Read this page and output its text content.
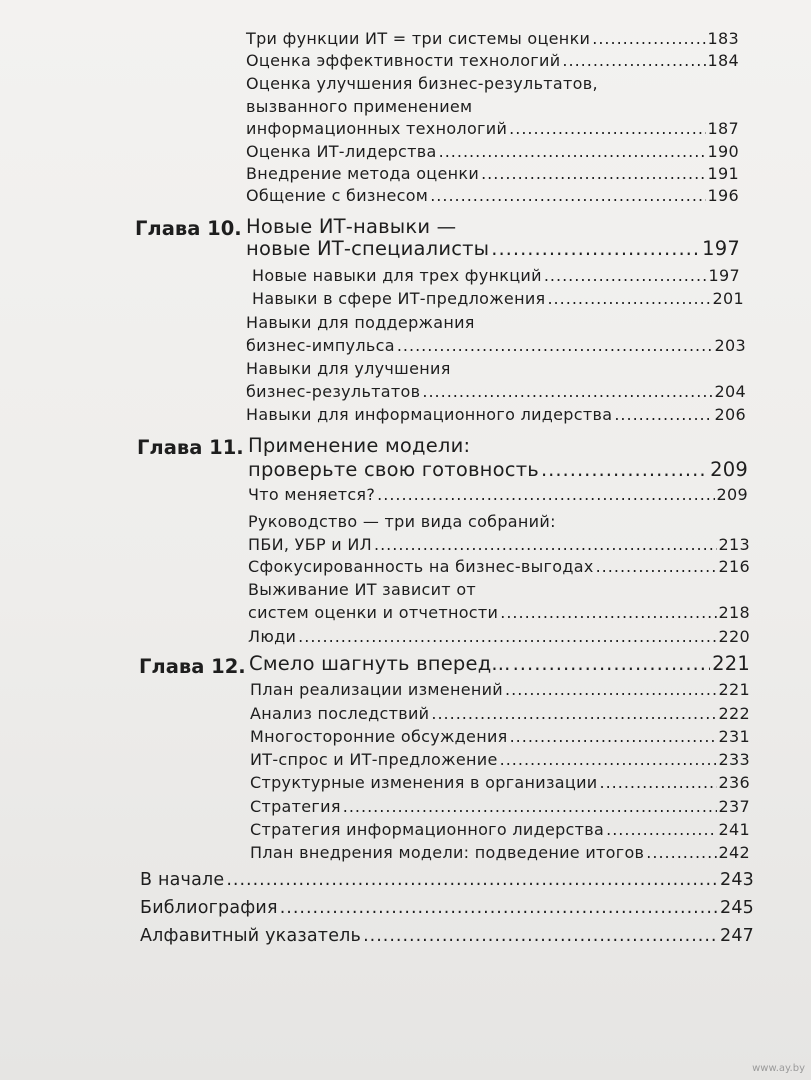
Три функции ИТ = три системы оценки .....	183
Оценка эффективности технологий .....	184
Оценка улучшения бизнес-результатов,
вызванного применением
информационных технологий .....	187
Оценка ИТ-лидерства .....	190
Внедрение метода оценки .....	191
Общение с бизнесом .....	196
Глава 10. Новые ИТ-навыки —
новые ИТ-специалисты .....	197
Новые навыки для трех функций .....	197
Навыки в сфере ИТ-предложения .....	201
Навыки для поддержания
бизнес-импульса .....	203
Навыки для улучшения
бизнес-результатов .....	204
Навыки для информационного лидерства .....	206
Глава 11. Применение модели:
проверьте свою готовность .....	209
Что меняется? .....	209
Руководство — три вида собраний:
ПБИ, УБР и ИЛ .....	213
Сфокусированность на бизнес-выгодах .....	216
Выживание ИТ зависит от
систем оценки и отчетности .....	218
Люди .....	220
Глава 12. Смело шагнуть вперед... .....	221
План реализации изменений .....	221
Анализ последствий .....	222
Многосторонние обсуждения .....	231
ИТ-спрос и ИТ-предложение .....	233
Структурные изменения в организации .....	236
Стратегия .....	237
Стратегия информационного лидерства .....	241
План внедрения модели: подведение итогов .....	242
В начале .....	243
Библиография .....	245
Алфавитный указатель .....	247
www.ay.by
